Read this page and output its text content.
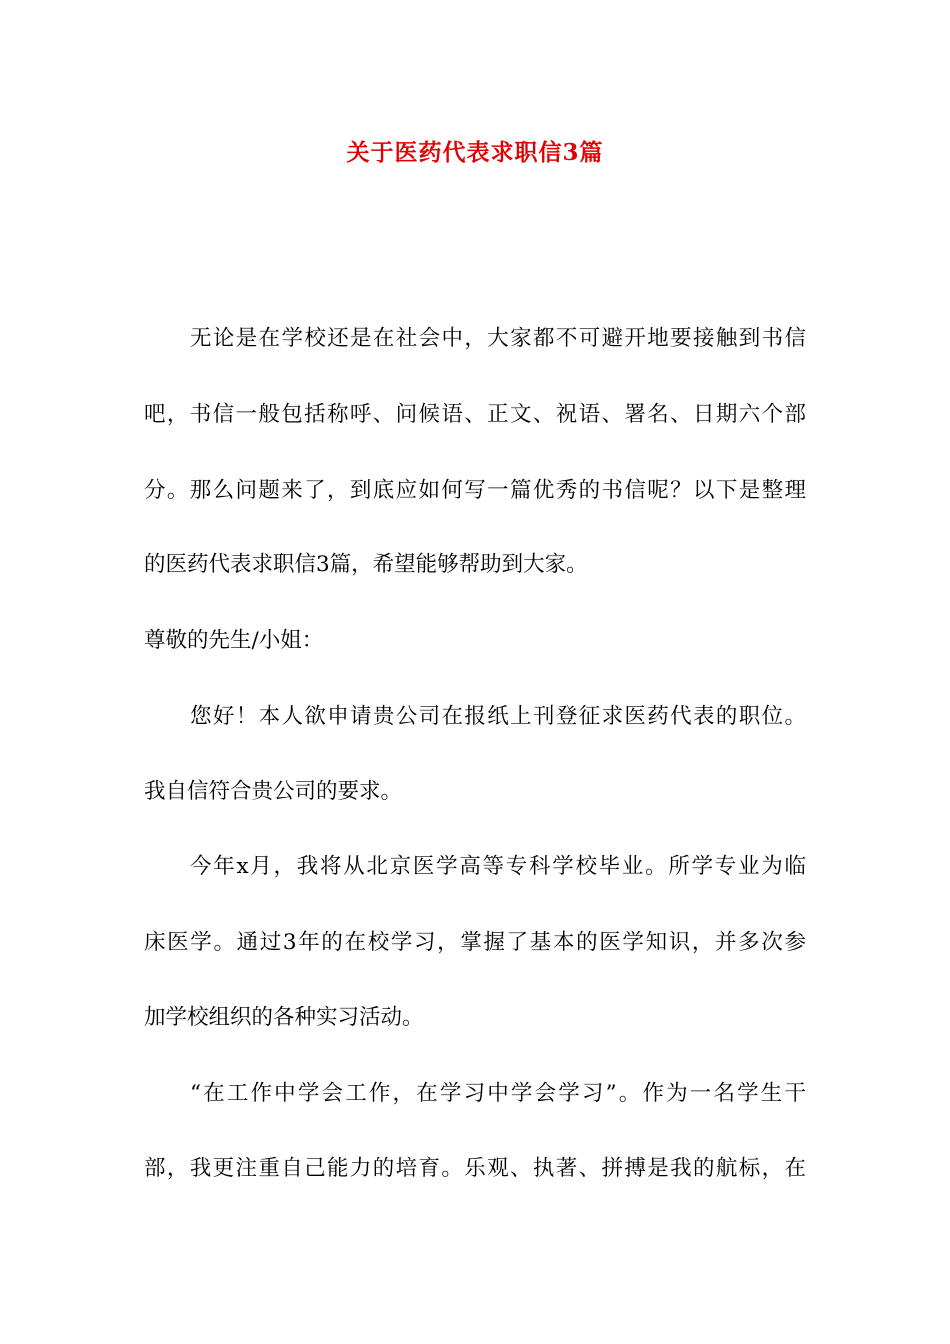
关于医药代表求职信3篇
无论是在学校还是在社会中，大家都不可避开地要接触到书信
吧，书信一般包括称呼、问候语、正文、祝语、署名、日期六个部
分。那么问题来了，到底应如何写一篇优秀的书信呢？以下是整理
的医药代表求职信3篇，希望能够帮助到大家。
尊敬的先生/小姐：
您好！本人欲申请贵公司在报纸上刊登征求医药代表的职位。
我自信符合贵公司的要求。
今年x月，我将从北京医学高等专科学校毕业。所学专业为临
床医学。通过3年的在校学习，掌握了基本的医学知识，并多次参
加学校组织的各种实习活动。
“在工作中学会工作，在学习中学会学习”。作为一名学生干
部，我更注重自己能力的培育。乐观、执著、拼搏是我的航标，在
